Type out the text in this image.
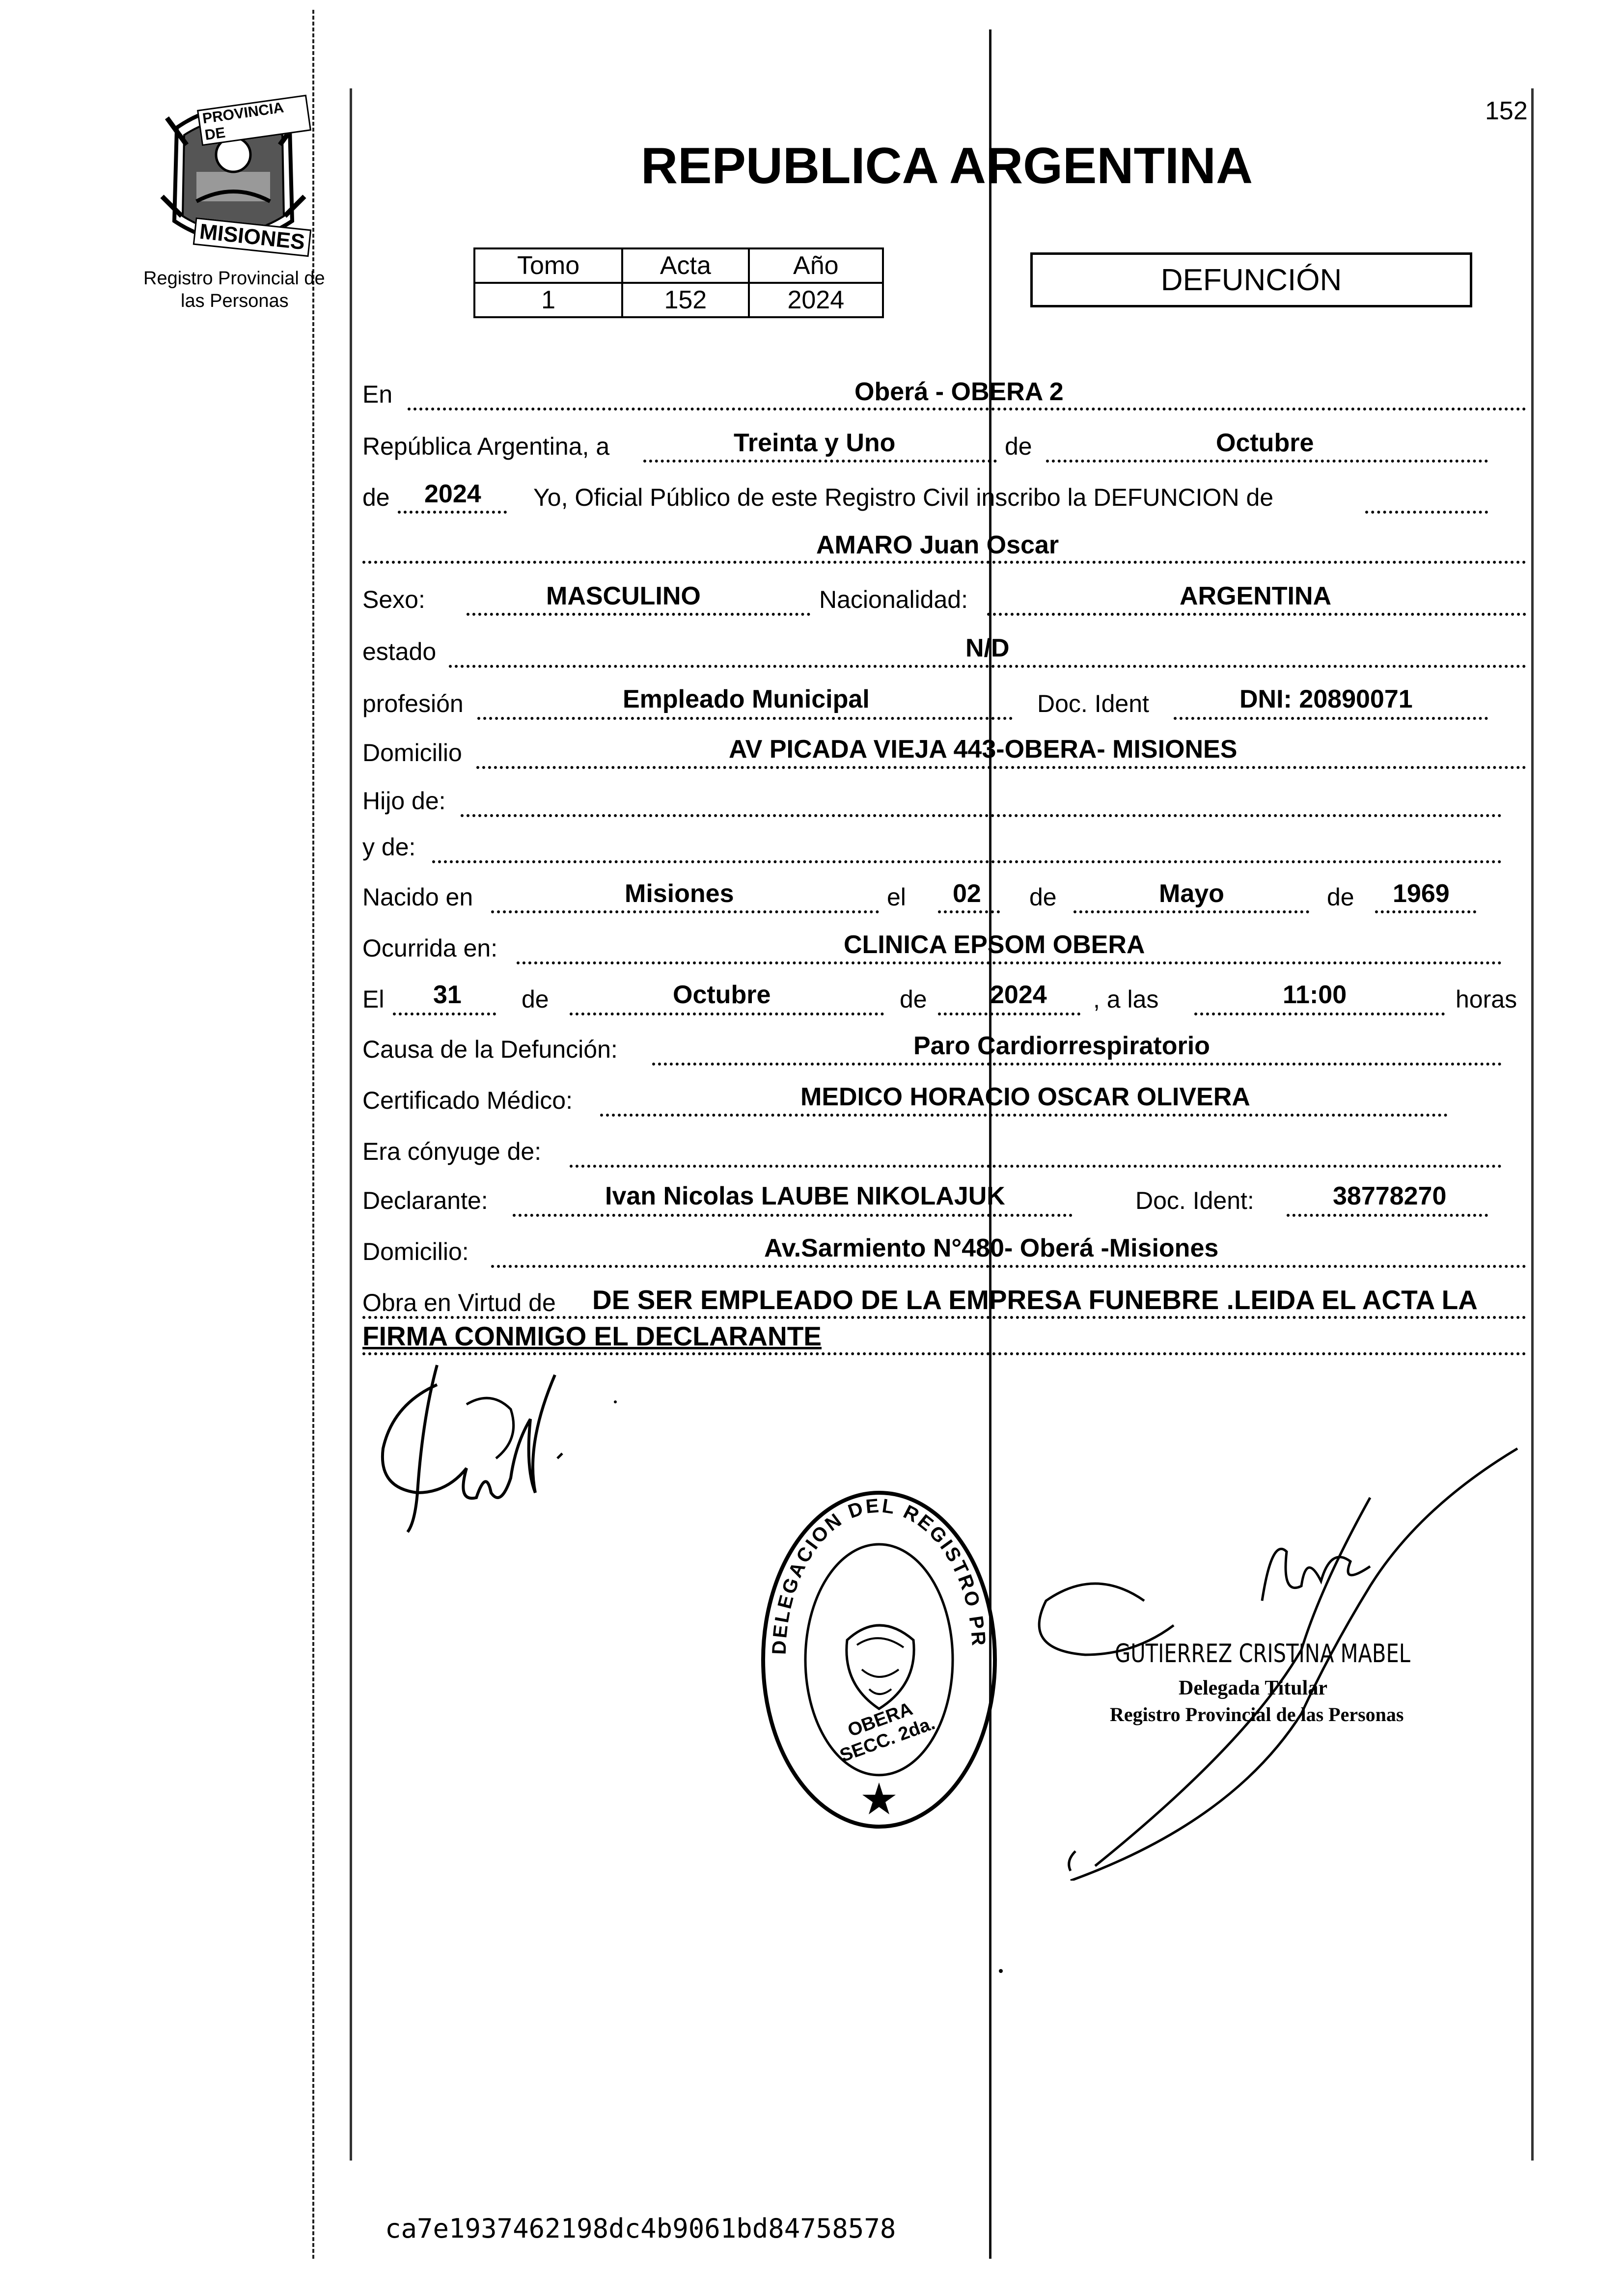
PROVINCIA DE
MISIONES
Registro Provincial de
las Personas
152
REPUBLICA ARGENTINA
Tomo	Acta	Año
1	152	2024
DEFUNCIÓN
En	Oberá - OBERA 2
República Argentina, a	Treinta y Uno	de	Octubre
de 2024 Yo, Oficial Público de este Registro Civil inscribo la DEFUNCION de
AMARO Juan Oscar
Sexo:	MASCULINO	Nacionalidad:	ARGENTINA
estado	N/D
profesión	Empleado Municipal	Doc. Ident	DNI: 20890071
Domicilio	AV PICADA VIEJA 443-OBERA- MISIONES
Hijo de:
y de:
Nacido en	Misiones	el 02 de	Mayo	de 1969
Ocurrida en:	CLINICA EPSOM OBERA
El 31 de	Octubre	de 2024 , a las	11:00	horas
Causa de la Defunción:	Paro Cardiorrespiratorio
Certificado Médico:	MEDICO HORACIO OSCAR OLIVERA
Era cónyuge de:
Declarante:	Ivan Nicolas LAUBE NIKOLAJUK	Doc. Ident:	38778270
Domicilio:	Av.Sarmiento N°480- Oberá -Misiones
Obra en Virtud de DE SER EMPLEADO DE LA EMPRESA FUNEBRE .LEIDA EL ACTA LA
FIRMA CONMIGO EL DECLARANTE
DELEGACION DEL REGISTRO PR
OBERA SECC. 2da.
GUTIERREZ CRISTINA MABEL
Delegada Titular
Registro Provincial de las Personas
ca7e1937462198dc4b9061bd84758578
